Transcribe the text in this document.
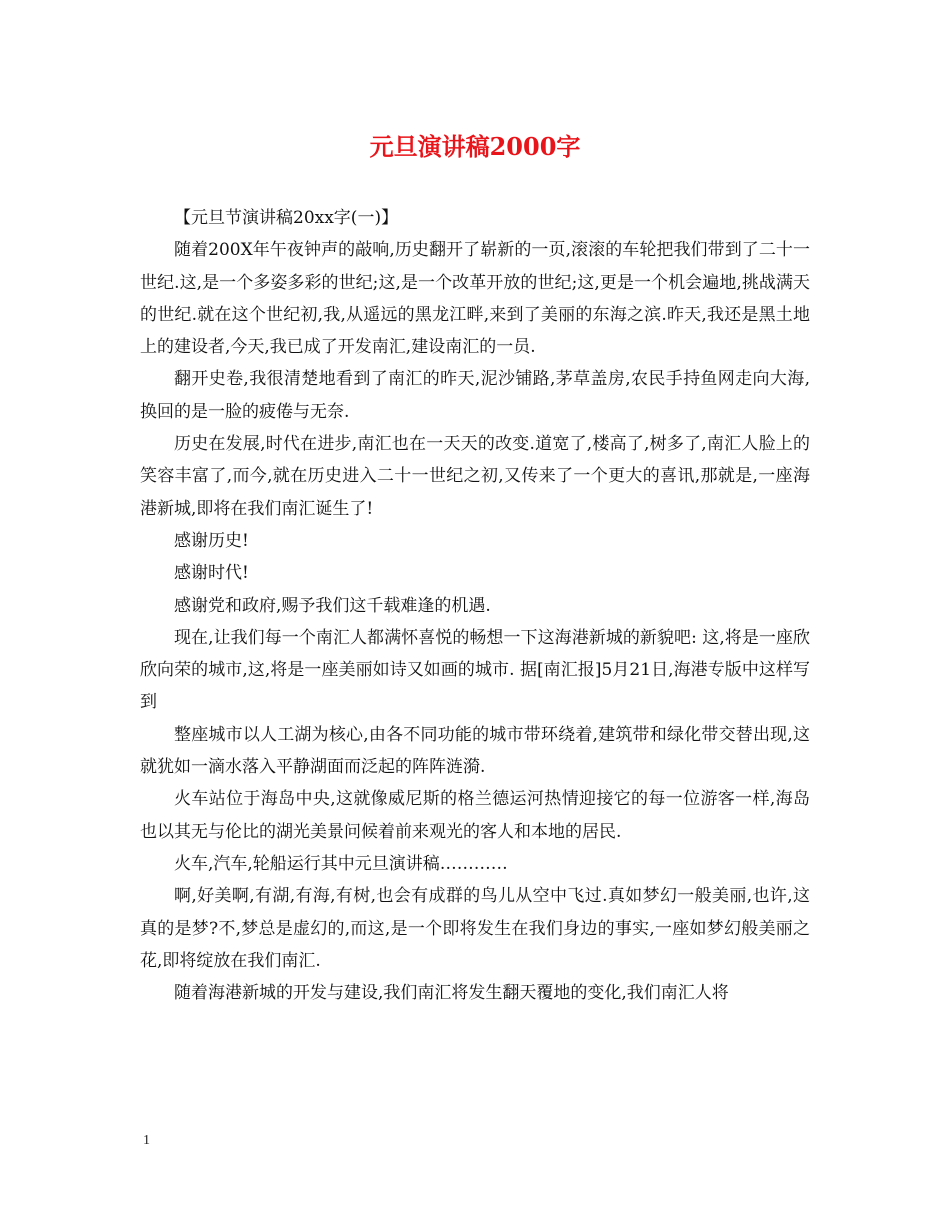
元旦演讲稿2000字

【元旦节演讲稿20xx字(一)】

随着200X年午夜钟声的敲响,历史翻开了崭新的一页,滚滚的车轮把我们带到了二十一世纪.这,是一个多姿多彩的世纪;这,是一个改革开放的世纪;这,更是一个机会遍地,挑战满天的世纪.就在这个世纪初,我,从遥远的黑龙江畔,来到了美丽的东海之滨.昨天,我还是黑土地上的建设者,今天,我已成了开发南汇,建设南汇的一员.

翻开史卷,我很清楚地看到了南汇的昨天,泥沙铺路,茅草盖房,农民手持鱼网走向大海,换回的是一脸的疲倦与无奈.

历史在发展,时代在进步,南汇也在一天天的改变.道宽了,楼高了,树多了,南汇人脸上的笑容丰富了,而今,就在历史进入二十一世纪之初,又传来了一个更大的喜讯,那就是,一座海港新城,即将在我们南汇诞生了!

感谢历史!

感谢时代!

感谢党和政府,赐予我们这千载难逢的机遇.

现在,让我们每一个南汇人都满怀喜悦的畅想一下这海港新城的新貌吧: 这,将是一座欣欣向荣的城市,这,将是一座美丽如诗又如画的城市. 据[南汇报]5月21日,海港专版中这样写到

整座城市以人工湖为核心,由各不同功能的城市带环绕着,建筑带和绿化带交替出现,这就犹如一滴水落入平静湖面而泛起的阵阵涟漪.

火车站位于海岛中央,这就像威尼斯的格兰德运河热情迎接它的每一位游客一样,海岛也以其无与伦比的湖光美景问候着前来观光的客人和本地的居民.

火车,汽车,轮船运行其中元旦演讲稿…………

啊,好美啊,有湖,有海,有树,也会有成群的鸟儿从空中飞过.真如梦幻一般美丽,也许,这真的是梦?不,梦总是虚幻的,而这,是一个即将发生在我们身边的事实,一座如梦幻般美丽之花,即将绽放在我们南汇.

随着海港新城的开发与建设,我们南汇将发生翻天覆地的变化,我们南汇人将

1
